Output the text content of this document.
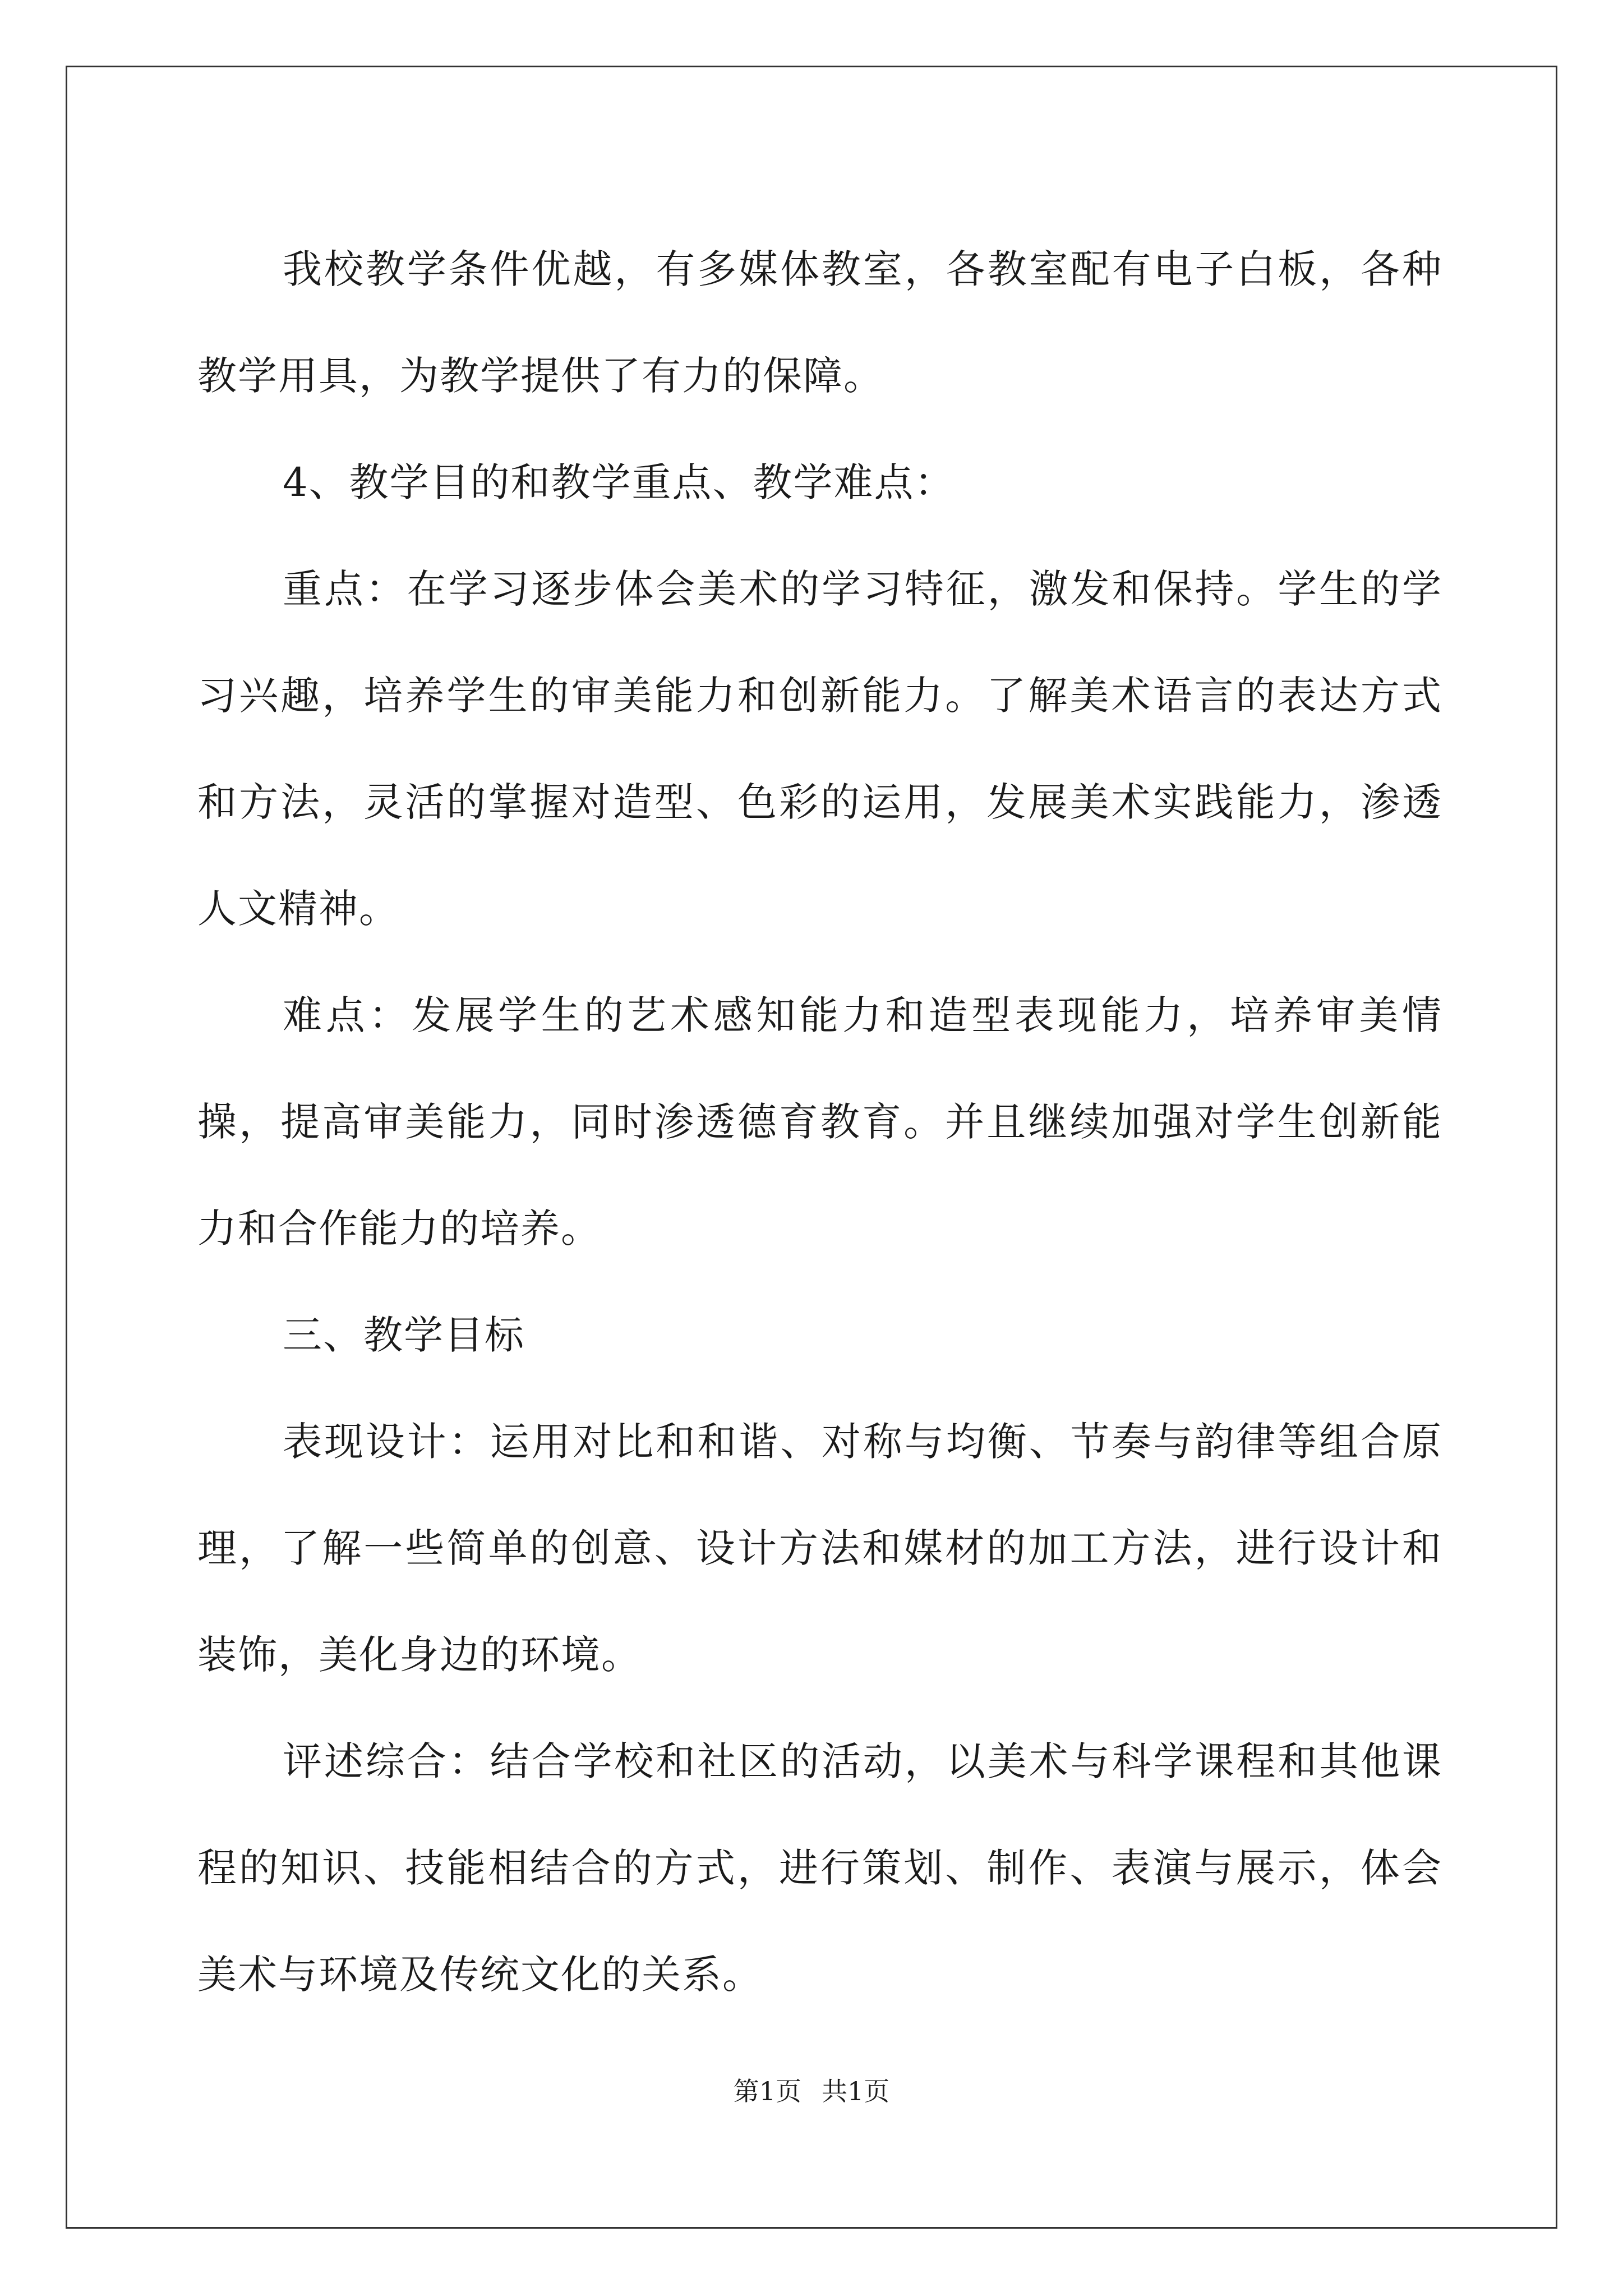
我校教学条件优越，有多媒体教室，各教室配有电子白板，各种教学用具，为教学提供了有力的保障。

4、教学目的和教学重点、教学难点：

重点：在学习逐步体会美术的学习特征，激发和保持。学生的学习兴趣，培养学生的审美能力和创新能力。了解美术语言的表达方式和方法，灵活的掌握对造型、色彩的运用，发展美术实践能力，渗透人文精神。

难点：发展学生的艺术感知能力和造型表现能力，培养审美情操，提高审美能力，同时渗透德育教育。并且继续加强对学生创新能力和合作能力的培养。

三、教学目标

表现设计：运用对比和和谐、对称与均衡、节奏与韵律等组合原理，了解一些简单的创意、设计方法和媒材的加工方法，进行设计和装饰，美化身边的环境。

评述综合：结合学校和社区的活动，以美术与科学课程和其他课程的知识、技能相结合的方式，进行策划、制作、表演与展示，体会美术与环境及传统文化的关系。

第1页 共1页
